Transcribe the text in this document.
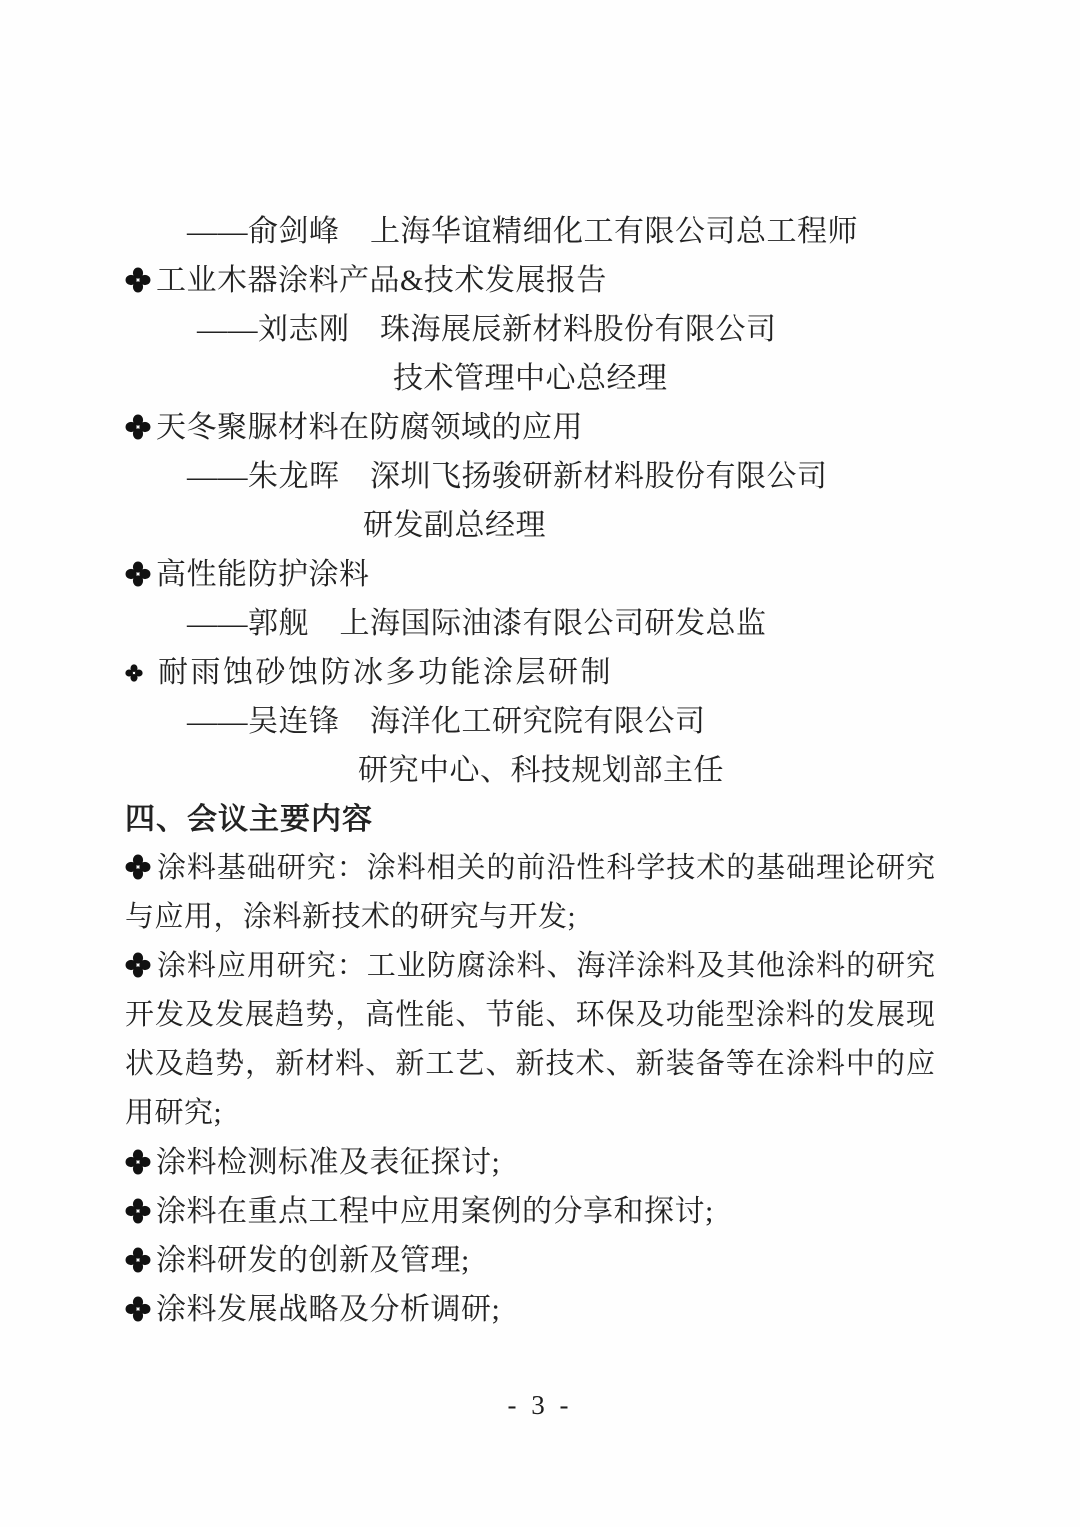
——俞剑峰　上海华谊精细化工有限公司总工程师
工业木器涂料产品&技术发展报告
——刘志刚　珠海展辰新材料股份有限公司
技术管理中心总经理
天冬聚脲材料在防腐领域的应用
——朱龙晖　深圳飞扬骏研新材料股份有限公司
研发副总经理
高性能防护涂料
——郭舰　上海国际油漆有限公司研发总监
耐雨蚀砂蚀防冰多功能涂层研制
——吴连锋　海洋化工研究院有限公司
研究中心、科技规划部主任
四、会议主要内容
涂料基础研究：涂料相关的前沿性科学技术的基础理论研究
与应用，涂料新技术的研究与开发;
涂料应用研究：工业防腐涂料、海洋涂料及其他涂料的研究
开发及发展趋势，高性能、节能、环保及功能型涂料的发展现
状及趋势，新材料、新工艺、新技术、新装备等在涂料中的应
用研究;
涂料检测标准及表征探讨;
涂料在重点工程中应用案例的分享和探讨;
涂料研发的创新及管理;
涂料发展战略及分析调研;
- 3 -
